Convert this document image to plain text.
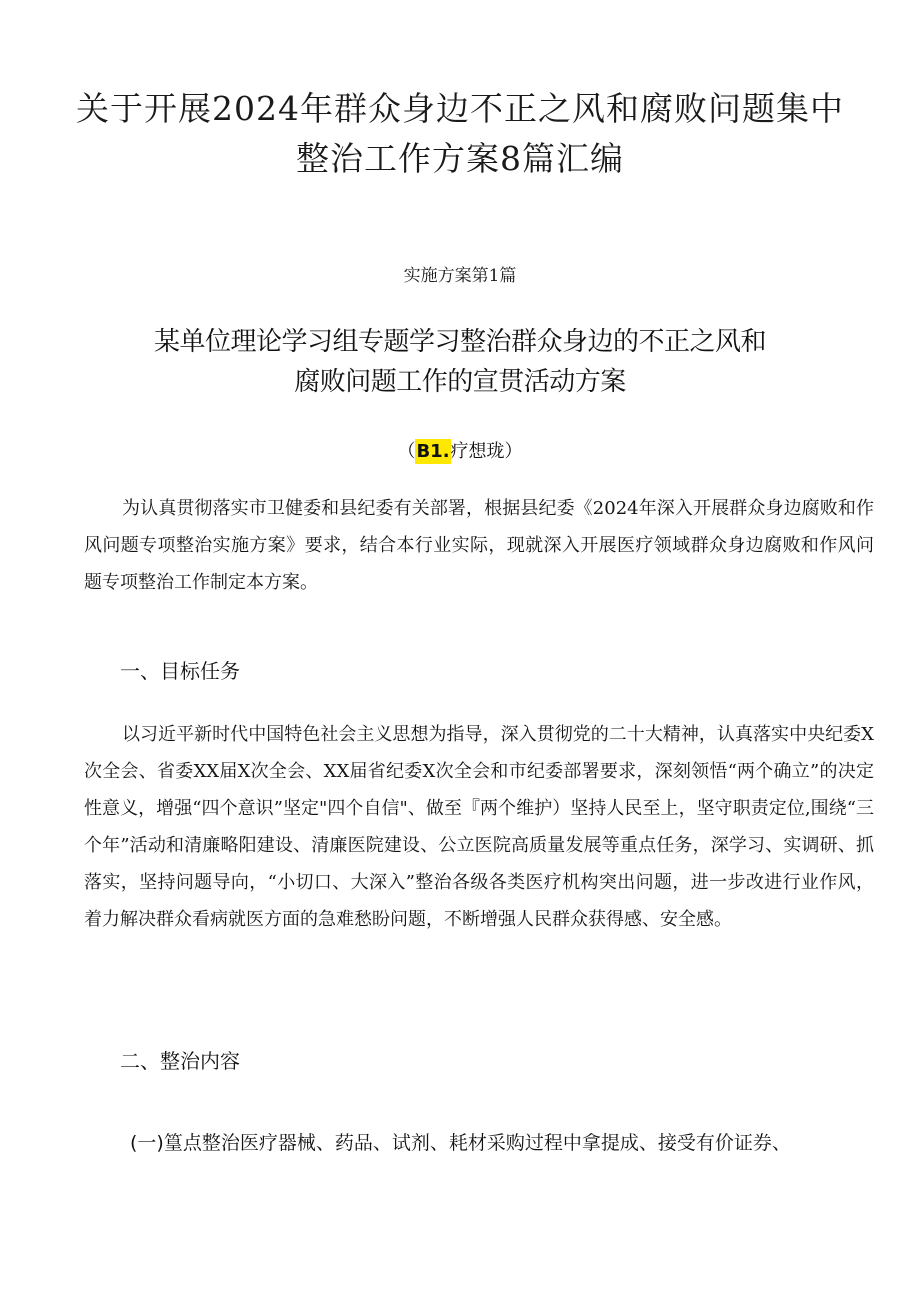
关于开展2024年群众身边不正之风和腐败问题集中
整治工作方案8篇汇编
实施方案第1篇
某单位理论学习组专题学习整治群众身边的不正之风和
腐败问题工作的宣贯活动方案
（B1.疗想珑）
为认真贯彻落实市卫健委和县纪委有关部署，根据县纪委《2024年深入开展群众身边腐败和作风问题专项整治实施方案》要求，结合本行业实际，现就深入开展医疗领域群众身边腐败和作风问题专项整治工作制定本方案。
一、目标任务
以习近平新时代中国特色社会主义思想为指导，深入贯彻党的二十大精神，认真落实中央纪委X次全会、省委XX届X次全会、XX届省纪委X次全会和市纪委部署要求，深刻领悟“两个确立”的决定性意义，增强“四个意识”坚定"四个自信"、做至『两个维护）坚持人民至上，坚守职责定位,围绕“三个年”活动和清廉略阳建设、清廉医院建设、公立医院高质量发展等重点任务，深学习、实调研、抓落实，坚持问题导向，“小切口、大深入”整治各级各类医疗机构突出问题，进一步改进行业作风，着力解决群众看病就医方面的急难愁盼问题，不断增强人民群众获得感、安全感。
二、整治内容
(一)篁点整治医疗器械、药品、试剂、耗材采购过程中拿提成、接受有价证券、
